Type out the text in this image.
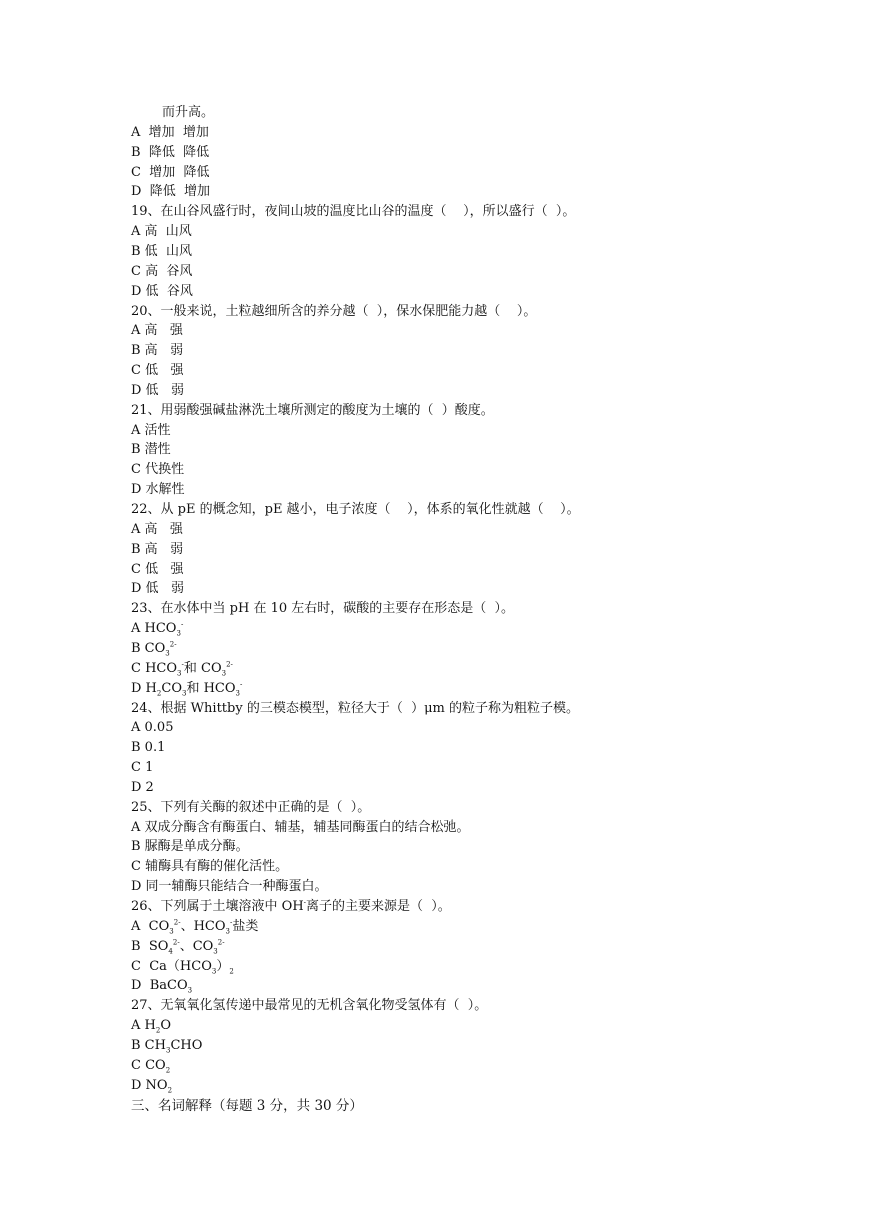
而升高。
A  增加  增加
B  降低  降低
C  增加  降低
D  降低  增加
19、在山谷风盛行时，夜间山坡的温度比山谷的温度（    ），所以盛行（  ）。
A 高  山风
B 低  山风
C 高  谷风
D 低  谷风
20、一般来说，土粒越细所含的养分越（  ），保水保肥能力越（    ）。
A 高   强
B 高   弱
C 低   强
D 低   弱
21、用弱酸强碱盐淋洗土壤所测定的酸度为土壤的（  ）酸度。
A 活性
B 潜性
C 代换性
D 水解性
22、从 pE 的概念知，pE 越小，电子浓度（    ），体系的氧化性就越（    ）。
A 高   强
B 高   弱
C 低   强
D 低   弱
23、在水体中当 pH 在 10 左右时，碳酸的主要存在形态是（  ）。
A $HCO_3^-$
B $CO_3^{2-}$
C $HCO_3^-$和 $CO_3^{2-}$
D $H_2CO_3$和 $HCO_3^-$
24、根据 Whittby 的三模态模型，粒径大于（  ）μm 的粒子称为粗粒子模。
A 0.05
B 0.1
C 1
D 2
25、下列有关酶的叙述中正确的是（  ）。
A 双成分酶含有酶蛋白、辅基，辅基同酶蛋白的结合松弛。
B 脲酶是单成分酶。
C 辅酶具有酶的催化活性。
D 同一辅酶只能结合一种酶蛋白。
26、下列属于土壤溶液中 OH-离子的主要来源是（  ）。
A  $CO_3^{2-}$、$HCO_3^-$盐类
B  $SO_4^{2-}$、$CO_3^{2-}$
C  $Ca(HCO_3)_2$
D  BaCO$_3$
27、无氧氧化氢传递中最常见的无机含氧化物受氢体有（  ）。
A $H_2O$
B $CH_3CHO$
C $CO_2$
D $NO_2$
三、名词解释（每题 3 分，共 30 分）
